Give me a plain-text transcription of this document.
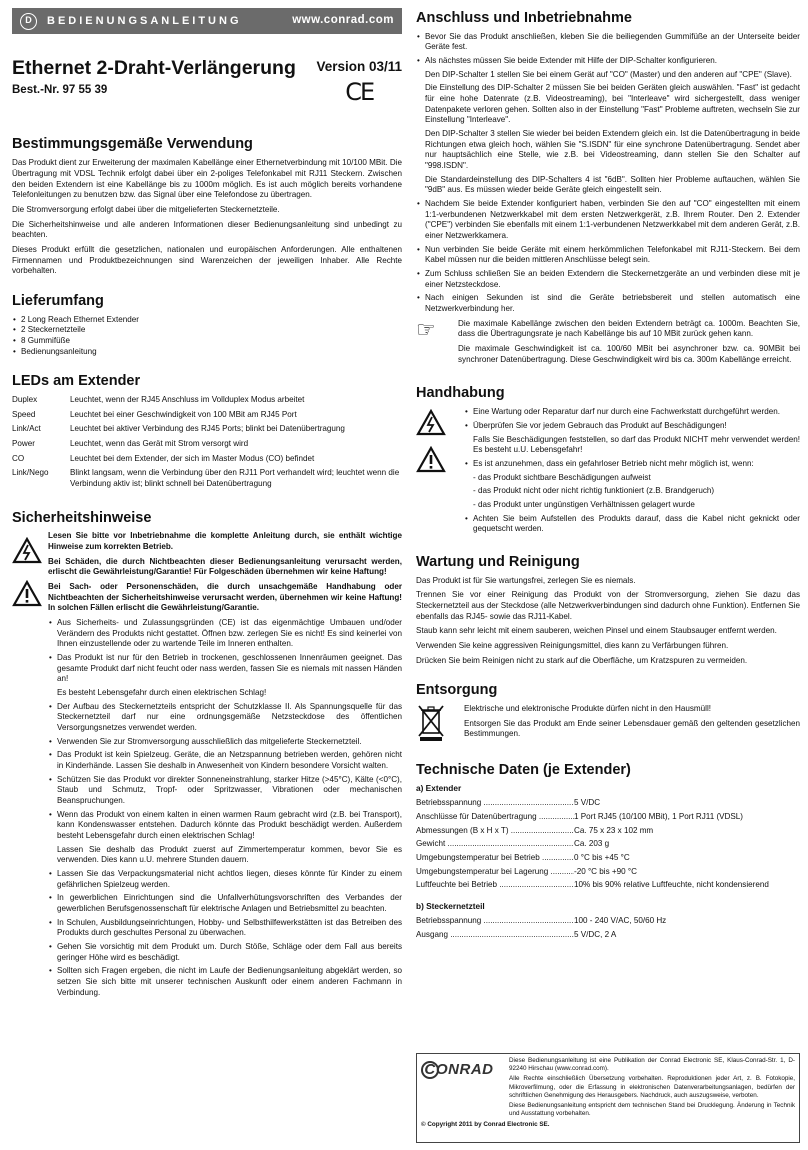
D	BEDIENUNGSANLEITUNG	www.conrad.com
Ethernet 2-Draht-Verlängerung
Best.-Nr. 97 55 39
Version 03/11
CE
Bestimmungsgemäße Verwendung

Das Produkt dient zur Erweiterung der maximalen Kabellänge einer Ethernetverbindung mit 10/100 MBit. Die Übertragung mit VDSL Technik erfolgt dabei über ein 2-poliges Telefonkabel mit RJ11 Steckern. Zwischen den beiden Extendern ist eine Kabellänge bis zu 1000m möglich. Es ist auch möglich bereits vorhandene Telefonleitungen zu benutzen bzw. das Signal über eine Telefondose zu übertragen.

Die Stromversorgung erfolgt dabei über die mitgelieferten Steckernetzteile.

Die Sicherheitshinweise und alle anderen Informationen dieser Bedienungsanleitung sind unbedingt zu beachten.

Dieses Produkt erfüllt die gesetzlichen, nationalen und europäischen Anforderungen. Alle enthaltenen Firmennamen und Produktbezeichnungen sind Warenzeichen der jeweiligen Inhaber. Alle Rechte vorbehalten.

Lieferumfang
• 2 Long Reach Ethernet Extender
• 2 Steckernetzteile
• 8 Gummifüße
• Bedienungsanleitung
LEDs am Extender
Duplex	Leuchtet, wenn der RJ45 Anschluss im Vollduplex Modus arbeitet
Speed	Leuchtet bei einer Geschwindigkeit von 100 MBit am RJ45 Port
Link/Act	Leuchtet bei aktiver Verbindung des RJ45 Ports; blinkt bei Datenübertragung
Power	Leuchtet, wenn das Gerät mit Strom versorgt wird
CO	Leuchtet bei dem Extender, der sich im Master Modus (CO) befindet
Link/Nego	Blinkt langsam, wenn die Verbindung über den RJ11 Port verhandelt wird; leuchtet wenn die Verbindung aktiv ist; blinkt schnell bei Datenübertragung
Sicherheitshinweise

Lesen Sie bitte vor Inbetriebnahme die komplette Anleitung durch, sie enthält wichtige Hinweise zum korrekten Betrieb.

Bei Schäden, die durch Nichtbeachten dieser Bedienungsanleitung verursacht werden, erlischt die Gewährleistung/Garantie! Für Folgeschäden übernehmen wir keine Haftung!

Bei Sach- oder Personenschäden, die durch unsachgemäße Handhabung oder Nichtbeachten der Sicherheitshinweise verursacht werden, übernehmen wir keine Haftung! In solchen Fällen erlischt die Gewährleistung/Garantie.

• Aus Sicherheits- und Zulassungsgründen (CE) ist das eigenmächtige Umbauen und/oder Verändern des Produkts nicht gestattet. Öffnen bzw. zerlegen Sie es nicht! Es sind keinerlei von Ihnen einzustellende oder zu wartende Teile im Inneren enthalten.
• Das Produkt ist nur für den Betrieb in trockenen, geschlossenen Innenräumen geeignet. Das gesamte Produkt darf nicht feucht oder nass werden, fassen Sie es niemals mit nassen Händen an!
Es besteht Lebensgefahr durch einen elektrischen Schlag!
• Der Aufbau des Steckernetzteils entspricht der Schutzklasse II. Als Spannungsquelle für das Steckernetzteil darf nur eine ordnungsgemäße Netzsteckdose des öffentlichen Versorgungsnetzes verwendet werden.
• Verwenden Sie zur Stromversorgung ausschließlich das mitgelieferte Steckernetzteil.
• Das Produkt ist kein Spielzeug. Geräte, die an Netzspannung betrieben werden, gehören nicht in Kinderhände. Lassen Sie deshalb in Anwesenheit von Kindern besondere Vorsicht walten.
• Schützen Sie das Produkt vor direkter Sonneneinstrahlung, starker Hitze (>45°C), Kälte (<0°C), Staub und Schmutz, Tropf- oder Spritzwasser, Vibrationen oder mechanischen Beanspruchungen.
• Wenn das Produkt von einem kalten in einen warmen Raum gebracht wird (z.B. bei Transport), kann Kondenswasser entstehen. Dadurch könnte das Produkt beschädigt werden. Außerdem besteht Lebensgefahr durch einen elektrischen Schlag!
Lassen Sie deshalb das Produkt zuerst auf Zimmertemperatur kommen, bevor Sie es verwenden. Dies kann u.U. mehrere Stunden dauern.
• Lassen Sie das Verpackungsmaterial nicht achtlos liegen, dieses könnte für Kinder zu einem gefährlichen Spielzeug werden.
• In gewerblichen Einrichtungen sind die Unfallverhütungsvorschriften des Verbandes der gewerblichen Berufsgenossenschaft für elektrische Anlagen und Betriebsmittel zu beachten.
• In Schulen, Ausbildungseinrichtungen, Hobby- und Selbsthilfewerkstätten ist das Betreiben des Produkts durch geschultes Personal zu überwachen.
• Gehen Sie vorsichtig mit dem Produkt um. Durch Stöße, Schläge oder dem Fall aus bereits geringer Höhe wird es beschädigt.
• Sollten sich Fragen ergeben, die nicht im Laufe der Bedienungsanleitung abgeklärt werden, so setzen Sie sich bitte mit unserer technischen Auskunft oder einem anderen Fachmann in Verbindung.
Anschluss und Inbetriebnahme
• Bevor Sie das Produkt anschließen, kleben Sie die beiliegenden Gummifüße an der Unterseite beider Geräte fest.
• Als nächstes müssen Sie beide Extender mit Hilfe der DIP-Schalter konfigurieren.
Den DIP-Schalter 1 stellen Sie bei einem Gerät auf "CO" (Master) und den anderen auf "CPE" (Slave).
Die Einstellung des DIP-Schalter 2 müssen Sie bei beiden Geräten gleich auswählen. "Fast" ist gedacht für eine hohe Datenrate (z.B. Videostreaming), bei "Interleave" wird sichergestellt, dass weniger Datenpakete verloren gehen. Sollten also in der Einstellung "Fast" Probleme auftreten, wechseln Sie zur Einstellung "Interleave".
Den DIP-Schalter 3 stellen Sie wieder bei beiden Extendern gleich ein. Ist die Datenübertragung in beide Richtungen etwa gleich hoch, wählen Sie "S.ISDN" für eine synchrone Datenübertragung. Sendet aber nur hauptsächlich eine Stelle, wie z.B. bei Videostreaming, dann stellen Sie den Schalter auf "998.ISDN".
Die Standardeinstellung des DIP-Schalters 4 ist "6dB". Sollten hier Probleme auftauchen, wählen Sie "9dB" aus. Es müssen wieder beide Geräte gleich eingestellt sein.
• Nachdem Sie beide Extender konfiguriert haben, verbinden Sie den auf "CO" eingestellten mit einem 1:1-verbundenen Netzwerkkabel mit dem ersten Netzwerkgerät, z.B. Ihrem Router. Den 2. Extender ("CPE") verbinden Sie ebenfalls mit einem 1:1-verbundenen Netzwerkkabel mit dem anderen Gerät, z.B. einer Netzwerkkamera.
• Nun verbinden Sie beide Geräte mit einem herkömmlichen Telefonkabel mit RJ11-Steckern. Bei dem Kabel müssen nur die beiden mittleren Anschlüsse belegt sein.
• Zum Schluss schließen Sie an beiden Extendern die Steckernetzgeräte an und verbinden diese mit je einer Netzsteckdose.
• Nach einigen Sekunden ist sind die Geräte betriebsbereit und stellen automatisch eine Netzwerkverbindung her.
☞	Die maximale Kabellänge zwischen den beiden Extendern beträgt ca. 1000m. Beachten Sie, dass die Übertragungsrate je nach Kabellänge bis auf 10 MBit zurück gehen kann.

Die maximale Geschwindigkeit ist ca. 100/60 MBit bei asynchroner bzw. ca. 90MBit bei synchroner Datenübertragung. Diese Geschwindigkeit wird bis ca. 300m Kabellänge erreicht.

Handhabung

• Eine Wartung oder Reparatur darf nur durch eine Fachwerkstatt durchgeführt werden.
• Überprüfen Sie vor jedem Gebrauch das Produkt auf Beschädigungen!
Falls Sie Beschädigungen feststellen, so darf das Produkt NICHT mehr verwendet werden! Es besteht u.U. Lebensgefahr!
• Es ist anzunehmen, dass ein gefahrloser Betrieb nicht mehr möglich ist, wenn:
- das Produkt sichtbare Beschädigungen aufweist
- das Produkt nicht oder nicht richtig funktioniert (z.B. Brandgeruch)
- das Produkt unter ungünstigen Verhältnissen gelagert wurde
• Achten Sie beim Aufstellen des Produkts darauf, dass die Kabel nicht geknickt oder gequetscht werden.
Wartung und Reinigung

Das Produkt ist für Sie wartungsfrei, zerlegen Sie es niemals.

Trennen Sie vor einer Reinigung das Produkt von der Stromversorgung, ziehen Sie dazu das Steckernetzteil aus der Steckdose (alle Netzwerkverbindungen sind dadurch ohne Funktion). Entfernen Sie ebenfalls das RJ45- sowie das RJ11-Kabel.

Staub kann sehr leicht mit einem sauberen, weichen Pinsel und einem Staubsauger entfernt werden.

Verwenden Sie keine aggressiven Reinigungsmittel, dies kann zu Verfärbungen führen.

Drücken Sie beim Reinigen nicht zu stark auf die Oberfläche, um Kratzspuren zu vermeiden.

Entsorgung

Elektrische und elektronische Produkte dürfen nicht in den Hausmüll!

Entsorgen Sie das Produkt am Ende seiner Lebensdauer gemäß den geltenden gesetzlichen Bestimmungen.

Technische Daten (je Extender)
a) Extender
Betriebsspannung .....	5 V/DC
Anschlüsse für Datenübertragung .....	1 Port RJ45 (10/100 MBit), 1 Port RJ11 (VDSL)
Abmessungen (B x H x T) .....	Ca. 75 x 23 x 102 mm
Gewicht .....	Ca. 203 g
Umgebungstemperatur bei Betrieb .....	0 °C bis +45 °C
Umgebungstemperatur bei Lagerung .....	-20 °C bis +90 °C
Luftfeuchte bei Betrieb .....	10% bis 90% relative Luftfeuchte, nicht kondensierend
b) Steckernetzteil
Betriebsspannung .....	100 - 240 V/AC, 50/60 Hz
Ausgang .....	5 V/DC, 2 A
CONRAD

Diese Bedienungsanleitung ist eine Publikation der Conrad Electronic SE, Klaus-Conrad-Str. 1, D-92240 Hirschau (www.conrad.com).

Alle Rechte einschließlich Übersetzung vorbehalten. Reproduktionen jeder Art, z. B. Fotokopie, Mikroverfilmung, oder die Erfassung in elektronischen Datenverarbeitungsanlagen, bedürfen der schriftlichen Genehmigung des Herausgebers. Nachdruck, auch auszugsweise, verboten.

Diese Bedienungsanleitung entspricht dem technischen Stand bei Drucklegung. Änderung in Technik und Ausstattung vorbehalten.

© Copyright 2011 by Conrad Electronic SE.
